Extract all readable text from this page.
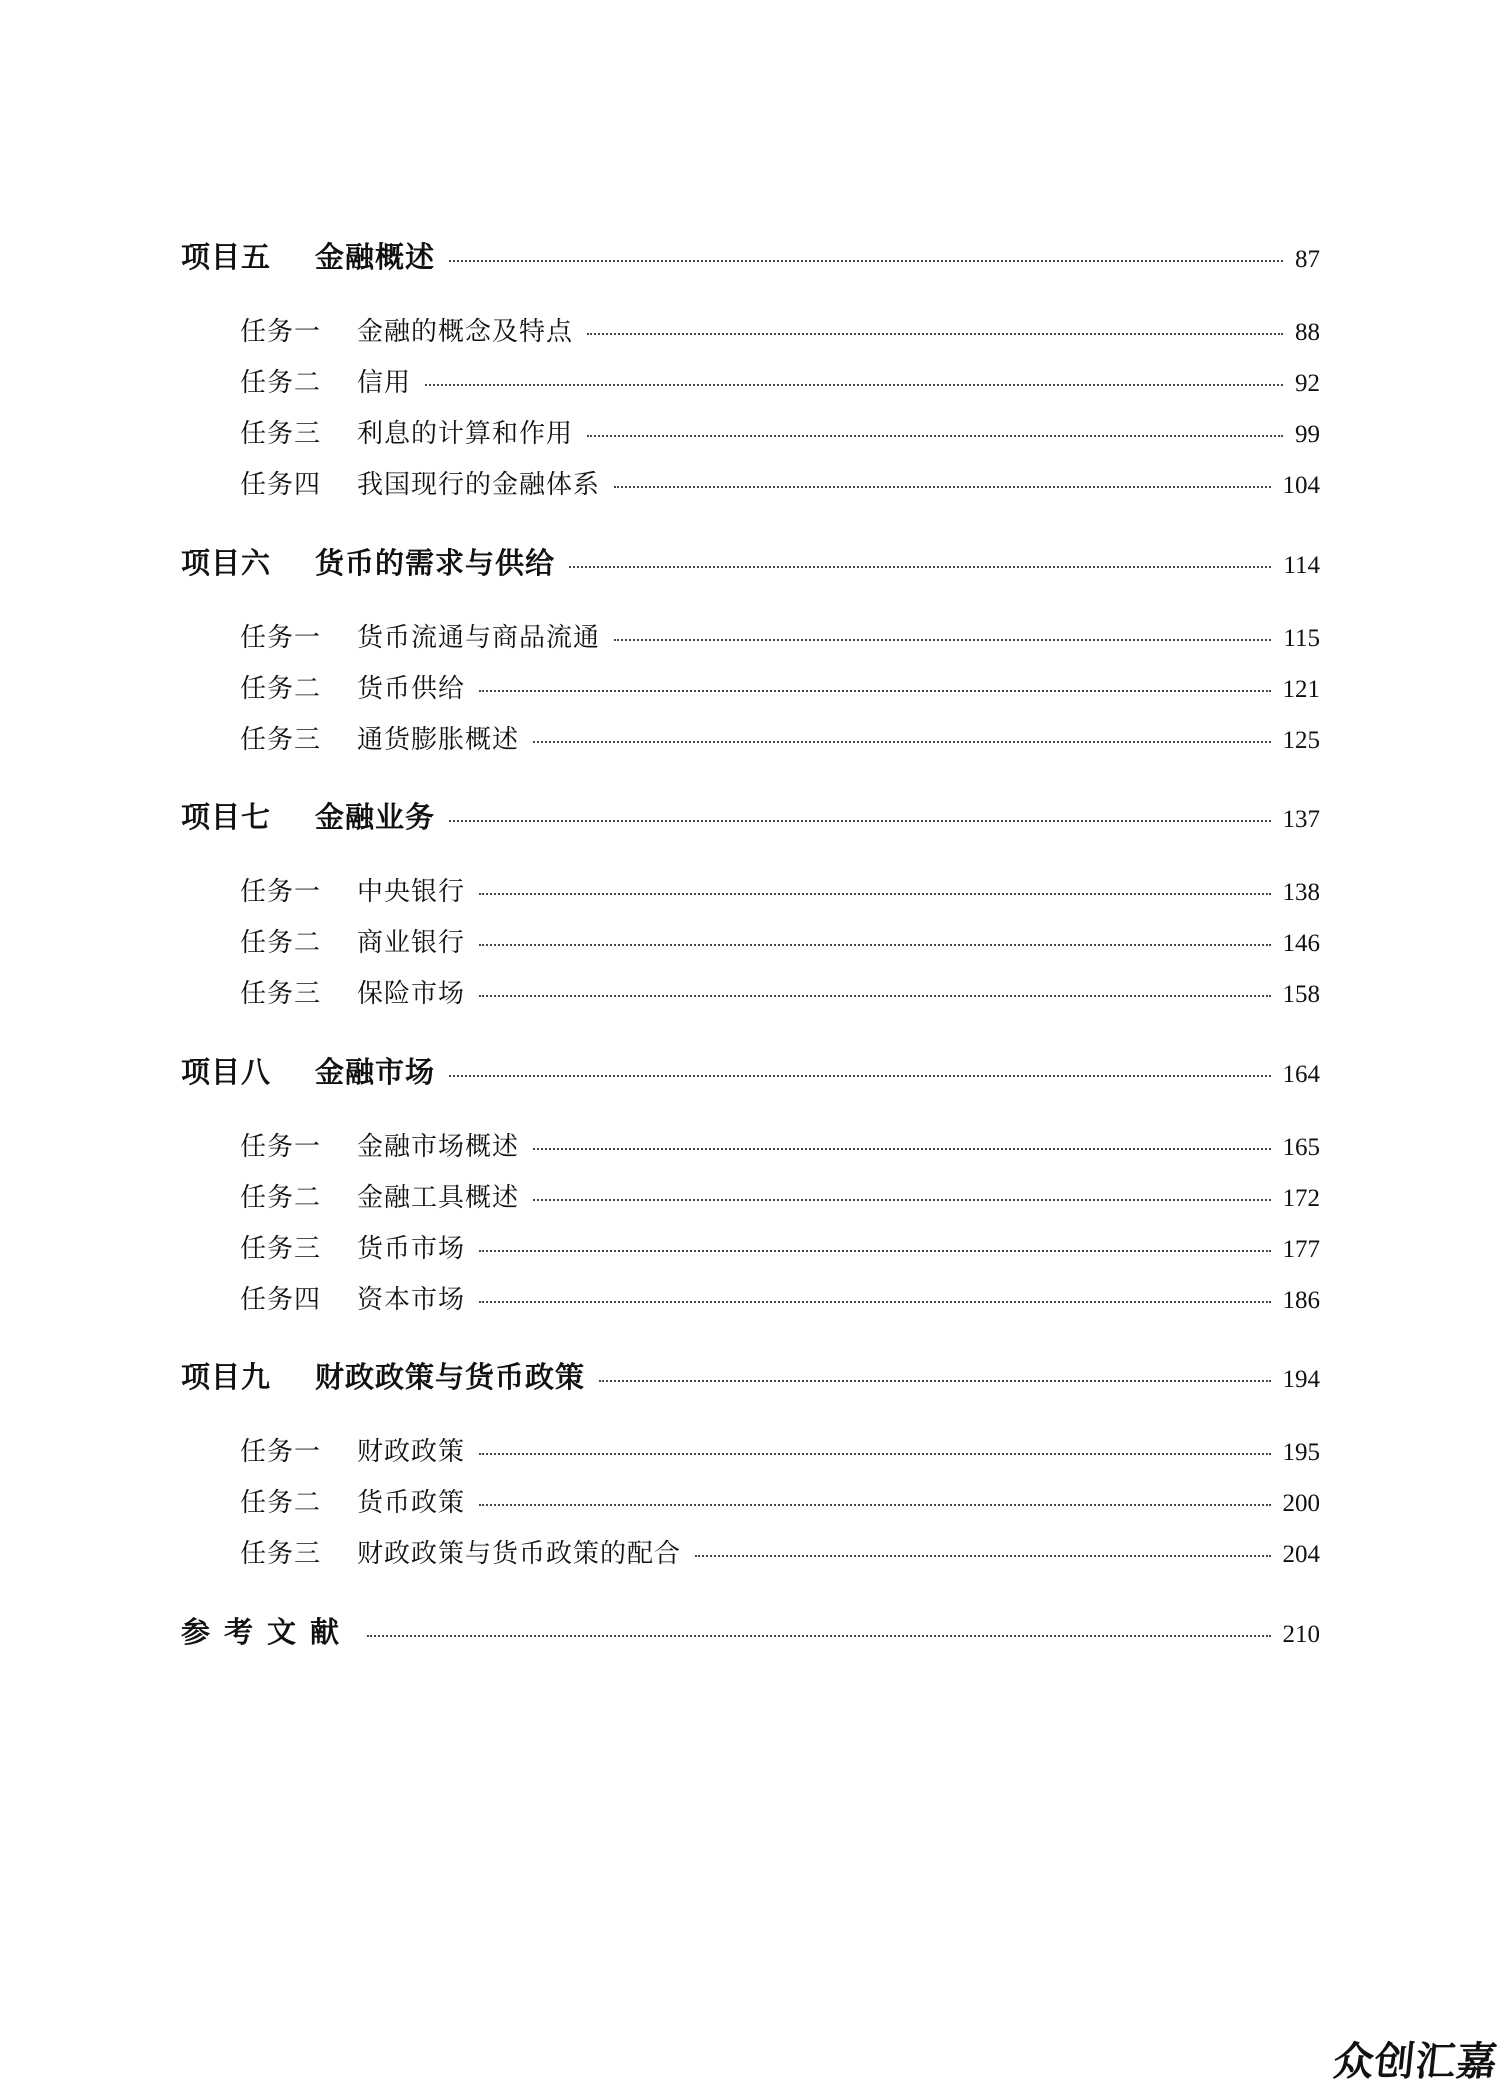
项目五	金融概述	87
任务一	金融的概念及特点	88
任务二	信用	92
任务三	利息的计算和作用	99
任务四	我国现行的金融体系	104
项目六	货币的需求与供给	114
任务一	货币流通与商品流通	115
任务二	货币供给	121
任务三	通货膨胀概述	125
项目七	金融业务	137
任务一	中央银行	138
任务二	商业银行	146
任务三	保险市场	158
项目八	金融市场	164
任务一	金融市场概述	165
任务二	金融工具概述	172
任务三	货币市场	177
任务四	资本市场	186
项目九	财政政策与货币政策	194
任务一	财政政策	195
任务二	货币政策	200
任务三	财政政策与货币政策的配合	204
参考文献	210
众创汇嘉
